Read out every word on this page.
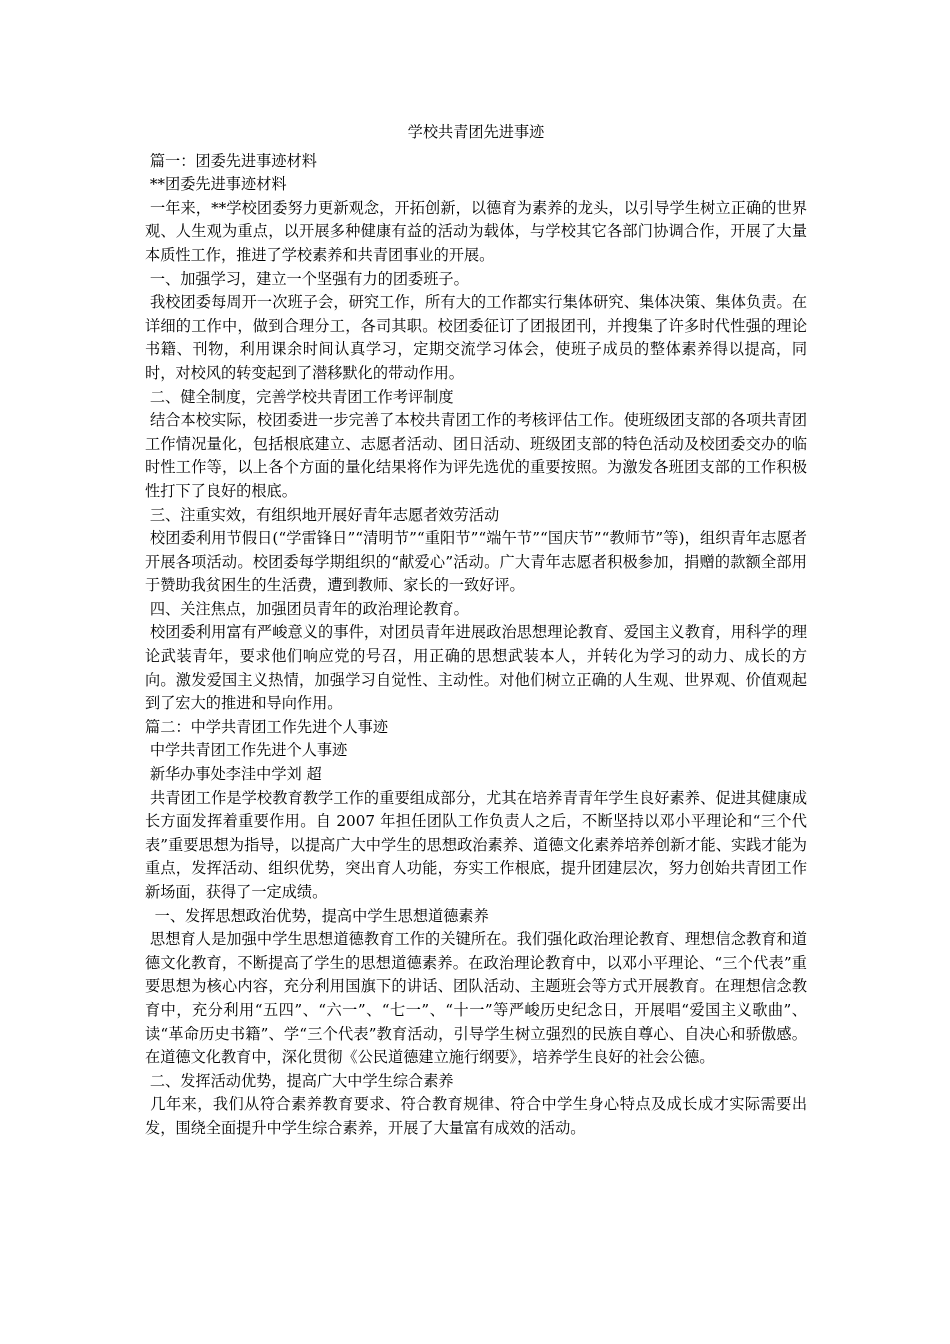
学校共青团先进事迹

篇一：团委先进事迹材料

**团委先进事迹材料

一年来，**学校团委努力更新观念，开拓创新，以德育为素养的龙头，以引导学生树立正确的世界观、人生观为重点，以开展多种健康有益的活动为载体，与学校其它各部门协调合作，开展了大量本质性工作，推进了学校素养和共青团事业的开展。

一、加强学习，建立一个坚强有力的团委班子。

我校团委每周开一次班子会，研究工作，所有大的工作都实行集体研究、集体决策、集体负责。在详细的工作中，做到合理分工，各司其职。校团委征订了团报团刊，并搜集了许多时代性强的理论书籍、刊物，利用课余时间认真学习，定期交流学习体会，使班子成员的整体素养得以提高，同时，对校风的转变起到了潜移默化的带动作用。

二、健全制度，完善学校共青团工作考评制度

结合本校实际，校团委进一步完善了本校共青团工作的考核评估工作。使班级团支部的各项共青团工作情况量化，包括根底建立、志愿者活动、团日活动、班级团支部的特色活动及校团委交办的临时性工作等，以上各个方面的量化结果将作为评先选优的重要按照。为激发各班团支部的工作积极性打下了良好的根底。

三、注重实效，有组织地开展好青年志愿者效劳活动

校团委利用节假日(“学雷锋日”“清明节”“重阳节”“端午节”“国庆节”“教师节”等)，组织青年志愿者开展各项活动。校团委每学期组织的“献爱心”活动。广大青年志愿者积极参加，捐赠的款额全部用于赞助我贫困生的生活费，遭到教师、家长的一致好评。

四、关注焦点，加强团员青年的政治理论教育。

校团委利用富有严峻意义的事件，对团员青年进展政治思想理论教育、爱国主义教育，用科学的理论武装青年，要求他们响应党的号召，用正确的思想武装本人，并转化为学习的动力、成长的方向。激发爱国主义热情，加强学习自觉性、主动性。对他们树立正确的人生观、世界观、价值观起到了宏大的推进和导向作用。

篇二：中学共青团工作先进个人事迹

中学共青团工作先进个人事迹

新华办事处李洼中学刘 超

共青团工作是学校教育教学工作的重要组成部分，尤其在培养青青年学生良好素养、促进其健康成长方面发挥着重要作用。自 2007 年担任团队工作负责人之后，不断坚持以邓小平理论和“三个代表”重要思想为指导，以提高广大中学生的思想政治素养、道德文化素养培养创新才能、实践才能为重点，发挥活动、组织优势，突出育人功能，夯实工作根底，提升团建层次，努力创始共青团工作新场面，获得了一定成绩。

一、发挥思想政治优势，提高中学生思想道德素养

思想育人是加强中学生思想道德教育工作的关键所在。我们强化政治理论教育、理想信念教育和道德文化教育，不断提高了学生的思想道德素养。在政治理论教育中，以邓小平理论、“三个代表”重要思想为核心内容，充分利用国旗下的讲话、团队活动、主题班会等方式开展教育。在理想信念教育中，充分利用“五四”、“六一”、“七一”、“十一”等严峻历史纪念日，开展唱“爱国主义歌曲”、读“革命历史书籍”、学“三个代表”教育活动，引导学生树立强烈的民族自尊心、自决心和骄傲感。在道德文化教育中，深化贯彻《公民道德建立施行纲要》，培养学生良好的社会公德。

二、发挥活动优势，提高广大中学生综合素养

几年来，我们从符合素养教育要求、符合教育规律、符合中学生身心特点及成长成才实际需要出发，围绕全面提升中学生综合素养，开展了大量富有成效的活动。
